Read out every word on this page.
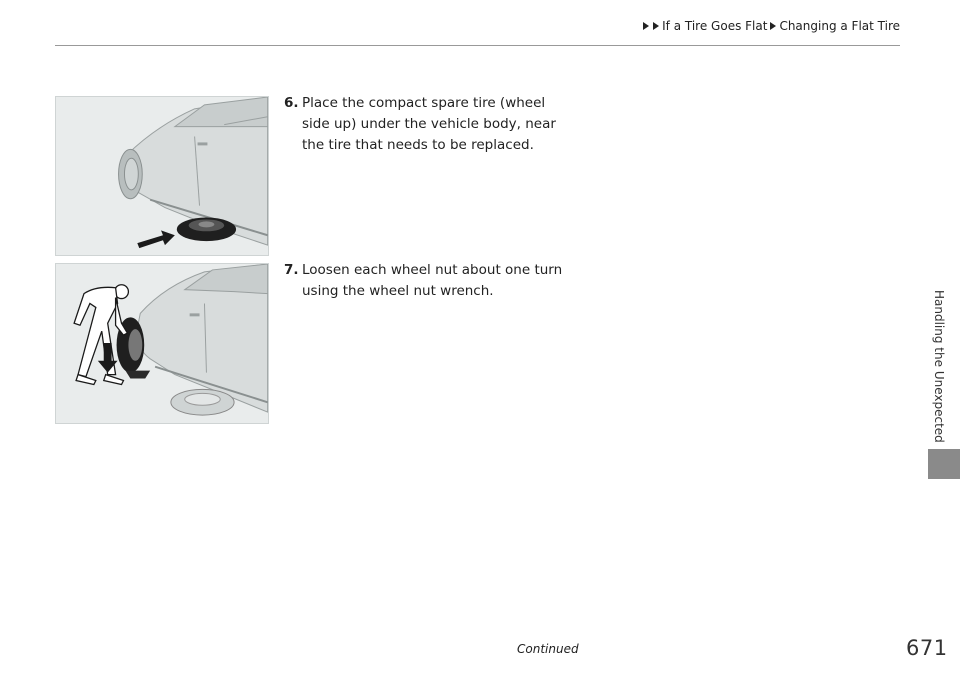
If a Tire Goes Flat Changing a Flat Tire
6. Place the compact spare tire (wheel side up) under the vehicle body, near the tire that needs to be replaced.
7. Loosen each wheel nut about one turn using the wheel nut wrench.	Handling the Unexpected
Continued	671
